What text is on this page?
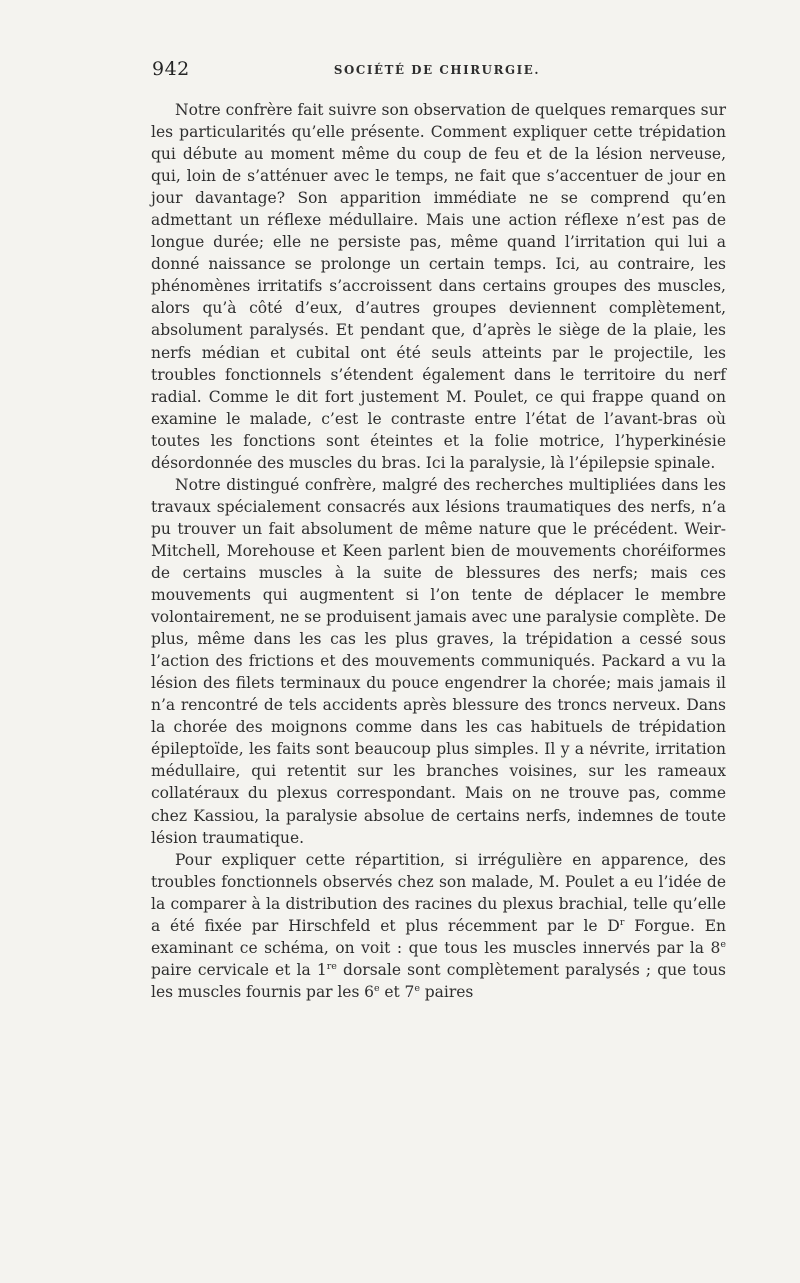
942	SOCIÉTÉ DE CHIRURGIE.

Notre confrère fait suivre son observation de quelques remarques sur les particularités qu’elle présente. Comment expliquer cette trépidation qui débute au moment même du coup de feu et de la lésion nerveuse, qui, loin de s’atténuer avec le temps, ne fait que s’accentuer de jour en jour davantage? Son apparition immédiate ne se comprend qu’en admettant un réflexe médullaire. Mais une action réflexe n’est pas de longue durée; elle ne persiste pas, même quand l’irritation qui lui a donné naissance se prolonge un certain temps. Ici, au contraire, les phénomènes irritatifs s’accroissent dans certains groupes des muscles, alors qu’à côté d’eux, d’autres groupes deviennent complètement, absolument paralysés. Et pendant que, d’après le siège de la plaie, les nerfs médian et cubital ont été seuls atteints par le projectile, les troubles fonctionnels s’étendent également dans le territoire du nerf radial. Comme le dit fort justement M. Poulet, ce qui frappe quand on examine le malade, c’est le contraste entre l’état de l’avant-bras où toutes les fonctions sont éteintes et la folie motrice, l’hyperkinésie désordonnée des muscles du bras. Ici la paralysie, là l’épilepsie spinale.

Notre distingué confrère, malgré des recherches multipliées dans les travaux spécialement consacrés aux lésions traumatiques des nerfs, n’a pu trouver un fait absolument de même nature que le précédent. Weir-Mitchell, Morehouse et Keen parlent bien de mouvements choréiformes de certains muscles à la suite de blessures des nerfs; mais ces mouvements qui augmentent si l’on tente de déplacer le membre volontairement, ne se produisent jamais avec une paralysie complète. De plus, même dans les cas les plus graves, la trépidation a cessé sous l’action des frictions et des mouvements communiqués. Packard a vu la lésion des filets terminaux du pouce engendrer la chorée; mais jamais il n’a rencontré de tels accidents après blessure des troncs nerveux. Dans la chorée des moignons comme dans les cas habituels de trépidation épileptoïde, les faits sont beaucoup plus simples. Il y a névrite, irritation médullaire, qui retentit sur les branches voisines, sur les rameaux collatéraux du plexus correspondant. Mais on ne trouve pas, comme chez Kassiou, la paralysie absolue de certains nerfs, indemnes de toute lésion traumatique.

Pour expliquer cette répartition, si irrégulière en apparence, des troubles fonctionnels observés chez son malade, M. Poulet a eu l’idée de la comparer à la distribution des racines du plexus brachial, telle qu’elle a été fixée par Hirschfeld et plus récemment par le $D^r$ Forgue. En examinant ce schéma, on voit : que tous les muscles innervés par la 8e paire cervicale et la 1re dorsale sont complètement paralysés ; que tous les muscles fournis par les 6e et 7e paires
